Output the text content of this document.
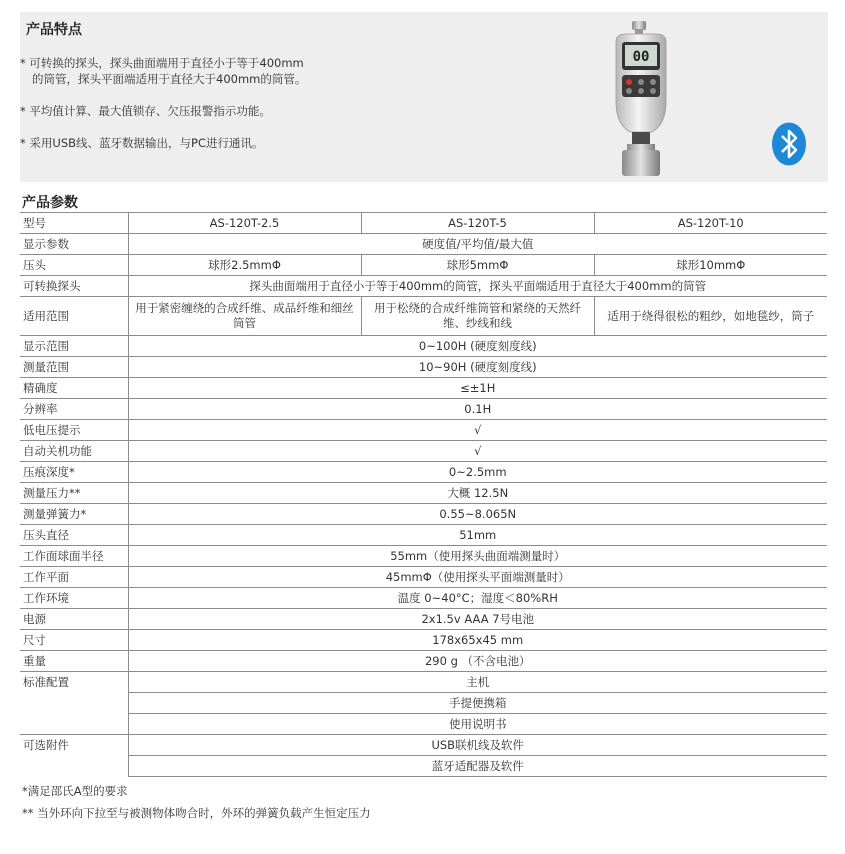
产品特点
* 可转换的探头，探头曲面端用于直径小于等于400mm
的筒管，探头平面端适用于直径大于400mm的筒管。
* 平均值计算、最大值锁存、欠压报警指示功能。
* 采用USB线、蓝牙数据输出，与PC进行通讯。
00
产品参数
型号	AS-120T-2.5	AS-120T-5	AS-120T-10
显示参数	硬度值/平均值/最大值		
压头	球形2.5mmΦ	球形5mmΦ	球形10mmΦ
可转换探头	探头曲面端用于直径小于等于400mm的筒管，探头平面端适用于直径大于400mm的筒管		
适用范围	用于紧密缠绕的合成纤维、成品纤维和细丝筒管	用于松绕的合成纤维筒管和紧绕的天然纤维、纱线和线	适用于绕得很松的粗纱，如地毯纱，筒子
显示范围	0~100H (硬度刻度线)		
测量范围	10~90H (硬度刻度线)		
精确度	≤±1H		
分辨率	0.1H		
低电压提示	√		
自动关机功能	√		
压痕深度*	0~2.5mm		
测量压力**	大概 12.5N		
测量弹簧力*	0.55~8.065N		
压头直径	51mm		
工作面球面半径	55mm（使用探头曲面端测量时）		
工作平面	45mmΦ（使用探头平面端测量时）		
工作环境	温度 0~40°C；湿度＜80%RH		
电源	2x1.5v AAA 7号电池		
尺寸	178x65x45 mm		
重量	290 g （不含电池）		
标准配置	主机		
	手提便携箱		
	使用说明书		
可选附件	USB联机线及软件		
	蓝牙适配器及软件		
*满足邵氏A型的要求
** 当外环向下拉至与被测物体吻合时，外环的弹簧负载产生恒定压力
